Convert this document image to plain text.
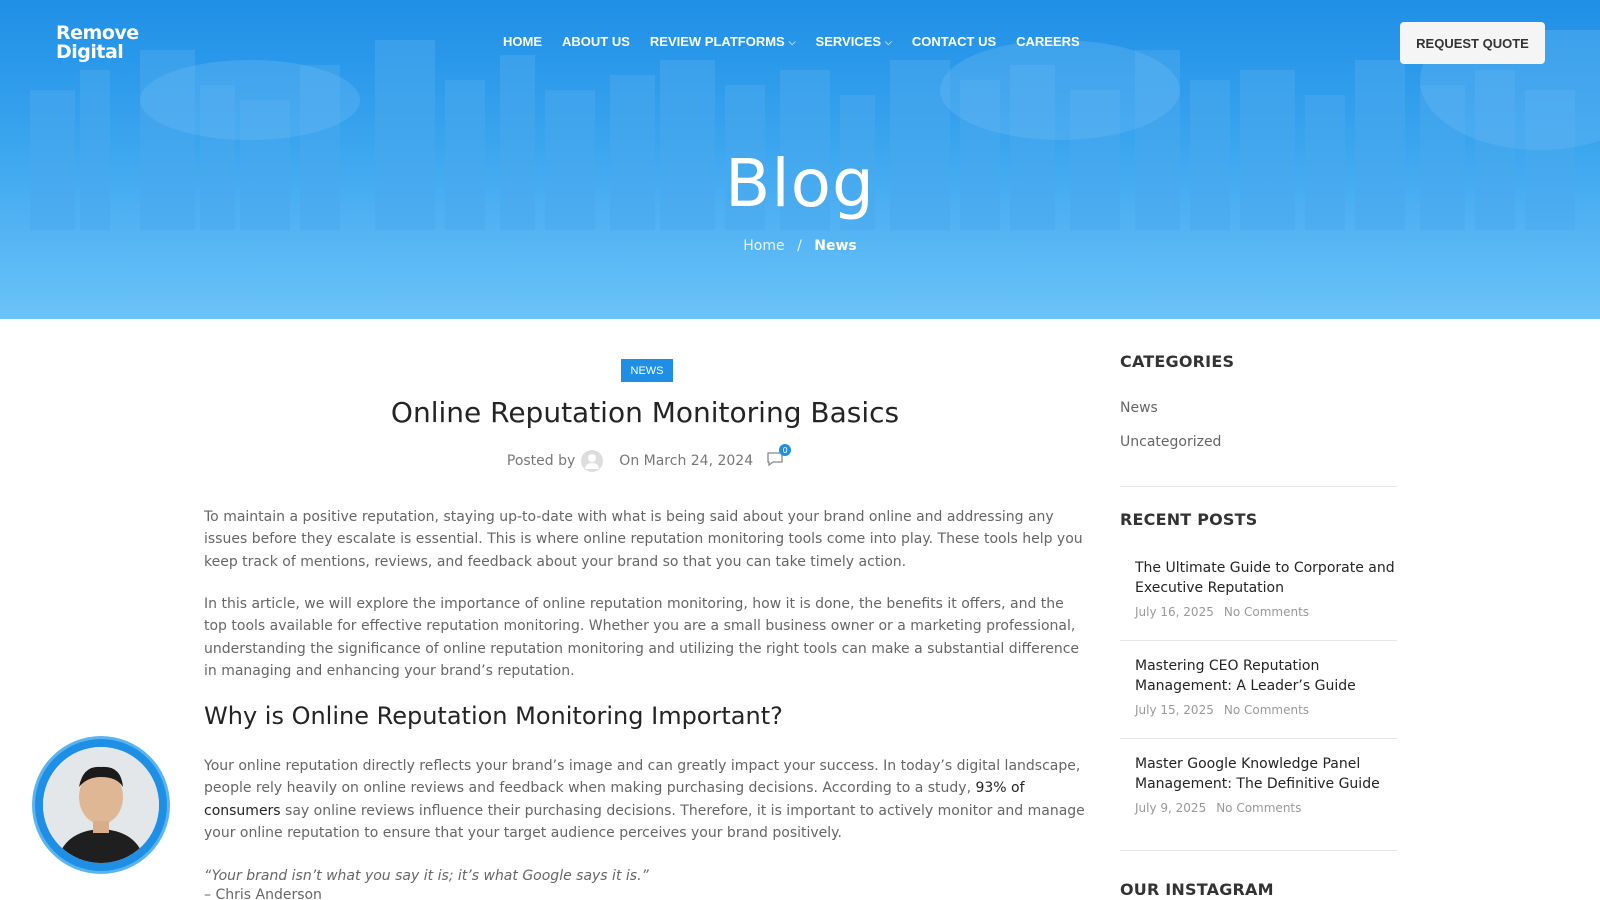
Remove
Digital	HOME ABOUT US REVIEW PLATFORMS ⌵ SERVICES ⌵ CONTACT US CAREERS	REQUEST QUOTE
Blog
Home / News
NEWS
Online Reputation Monitoring Basics
Posted by	On March 24, 2024
0

To maintain a positive reputation, staying up-to-date with what is being said about your brand online and addressing any issues before they escalate is essential. This is where online reputation monitoring tools come into play. These tools help you keep track of mentions, reviews, and feedback about your brand so that you can take timely action.

In this article, we will explore the importance of online reputation monitoring, how it is done, the benefits it offers, and the top tools available for effective reputation monitoring. Whether you are a small business owner or a marketing professional, understanding the significance of online reputation monitoring and utilizing the right tools can make a substantial difference in managing and enhancing your brand’s reputation.

Why is Online Reputation Monitoring Important?

Your online reputation directly reflects your brand’s image and can greatly impact your success. In today’s digital landscape, people rely heavily on online reviews and feedback when making purchasing decisions. According to a study, 93% of consumers say online reviews influence their purchasing decisions. Therefore, it is important to actively monitor and manage your online reputation to ensure that your target audience perceives your brand positively.

“Your brand isn’t what you say it is; it’s what Google says it is.”
– Chris Anderson
CATEGORIES
News
Uncategorized
RECENT POSTS
The Ultimate Guide to Corporate and Executive Reputation
July 16, 2025 No Comments
Mastering CEO Reputation Management: A Leader’s Guide
July 15, 2025 No Comments
Master Google Knowledge Panel Management: The Definitive Guide
July 9, 2025 No Comments
OUR INSTAGRAM
